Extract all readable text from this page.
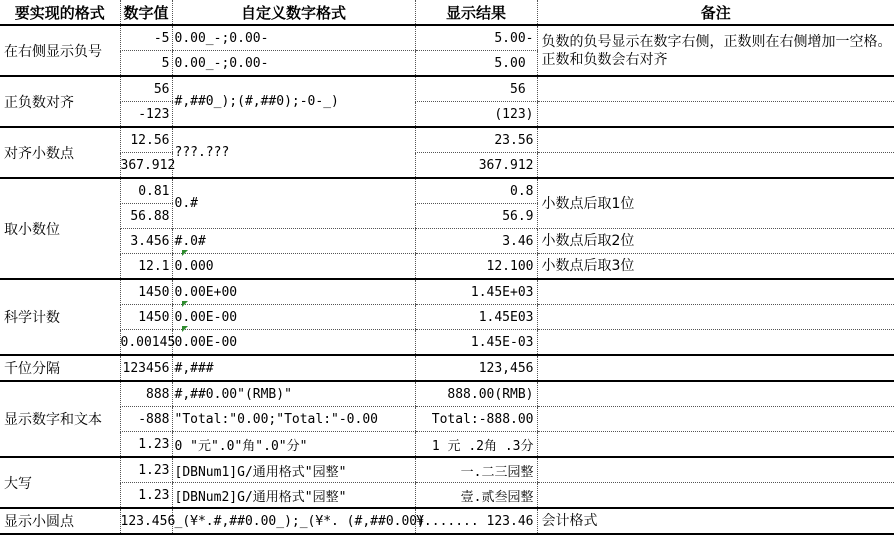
要实现的格式	数字值	自定义数字格式	显示结果	备注
在右侧显示负号	-5	0.00_-;0.00-	5.00-	负数的负号显示在数字右侧，正数则在右侧增加一空格。正数和负数会右对齐
	5	0.00_-;0.00-	5.00	
正负数对齐	56	#,##0_);(#,##0);-0-_)	56	
	-123		(123)	
对齐小数点	12.56	???.???	23.56	
	367.912		367.912	
取小数位	0.81	0.#	0.8	小数点后取1位
	56.88		56.9	
	3.456	#.0#	3.46	小数点后取2位
	12.1	0.000	12.100	小数点后取3位
科学计数	1450	0.00E+00	1.45E+03	
	1450	0.00E-00	1.45E03	
	0.00145	0.00E-00	1.45E-03	
千位分隔	123456	#,###	123,456	
显示数字和文本	888	#,##0.00"(RMB)"	888.00(RMB)	
	-888	"Total:"0.00;"Total:"-0.00	Total:-888.00	
	1.23	0 "元".0"角".0"分"	1 元 .2角 .3分	
大写	1.23	[DBNum1]G/通用格式"园整"	一.二三园整	
	1.23	[DBNum2]G/通用格式"园整"	壹.贰叁园整	
显示小圆点	123.456	_(¥*.#,##0.00_);_(¥*. (#,##0.00)	¥....... 123.46	会计格式
